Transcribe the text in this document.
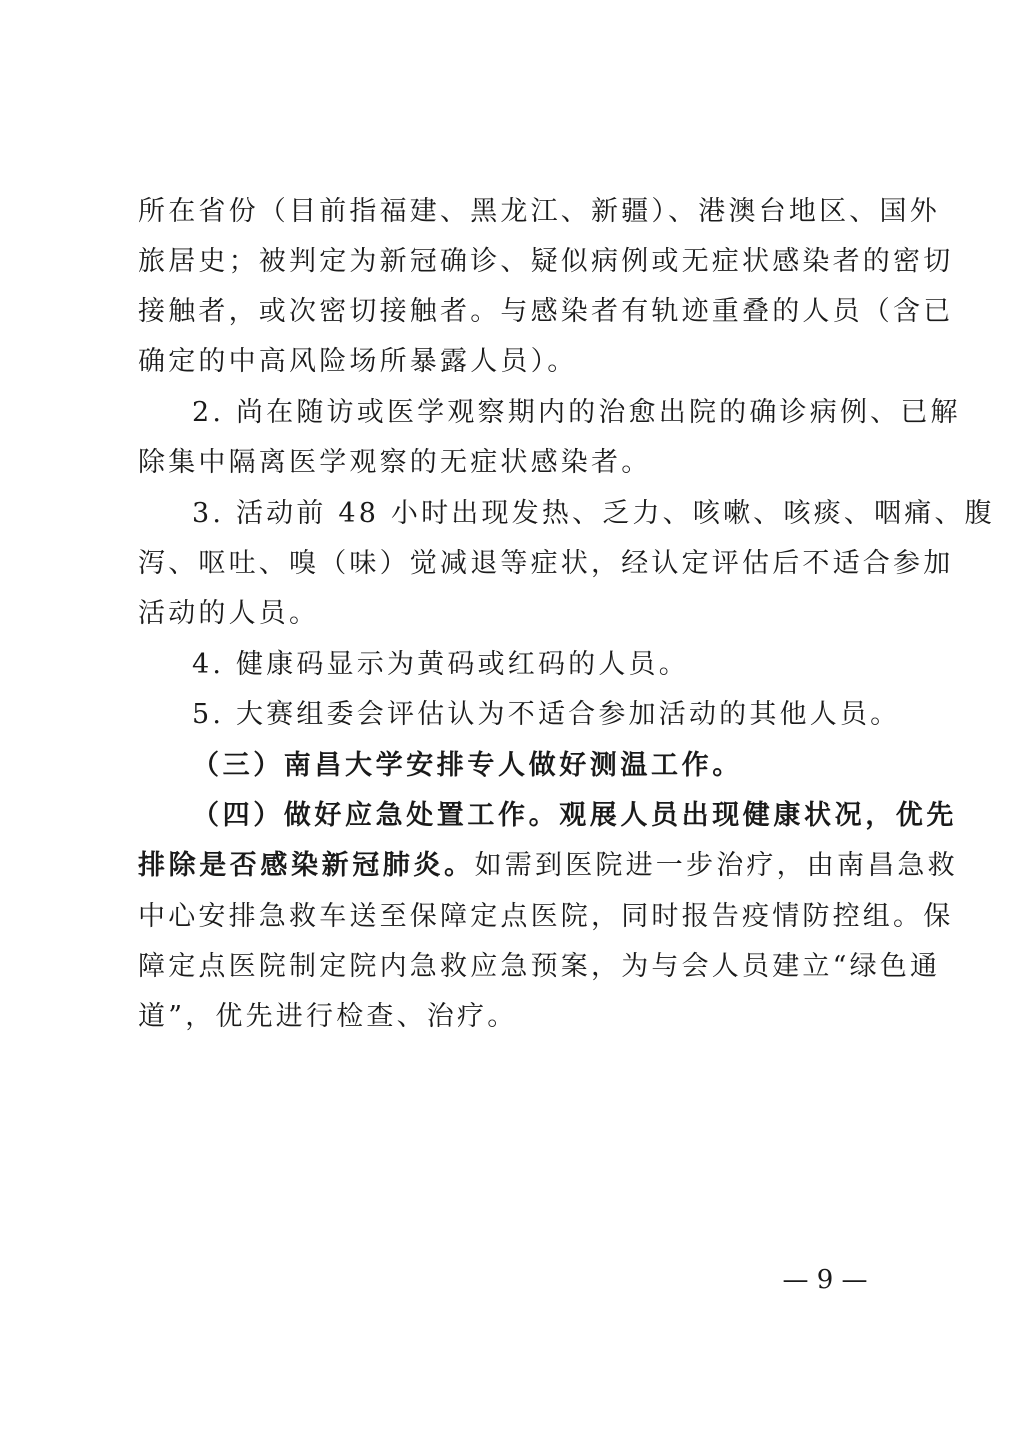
所在省份（目前指福建、黑龙江、新疆）、港澳台地区、国外
旅居史；被判定为新冠确诊、疑似病例或无症状感染者的密切
接触者，或次密切接触者。与感染者有轨迹重叠的人员（含已
确定的中高风险场所暴露人员）。
2. 尚在随访或医学观察期内的治愈出院的确诊病例、已解
除集中隔离医学观察的无症状感染者。
3. 活动前 48 小时出现发热、乏力、咳嗽、咳痰、咽痛、腹
泻、呕吐、嗅（味）觉减退等症状，经认定评估后不适合参加
活动的人员。
4. 健康码显示为黄码或红码的人员。
5. 大赛组委会评估认为不适合参加活动的其他人员。
（三）南昌大学安排专人做好测温工作。
（四）做好应急处置工作。观展人员出现健康状况，优先
排除是否感染新冠肺炎。如需到医院进一步治疗，由南昌急救
中心安排急救车送至保障定点医院，同时报告疫情防控组。保
障定点医院制定院内急救应急预案，为与会人员建立“绿色通
道”，优先进行检查、治疗。
— 9 —
